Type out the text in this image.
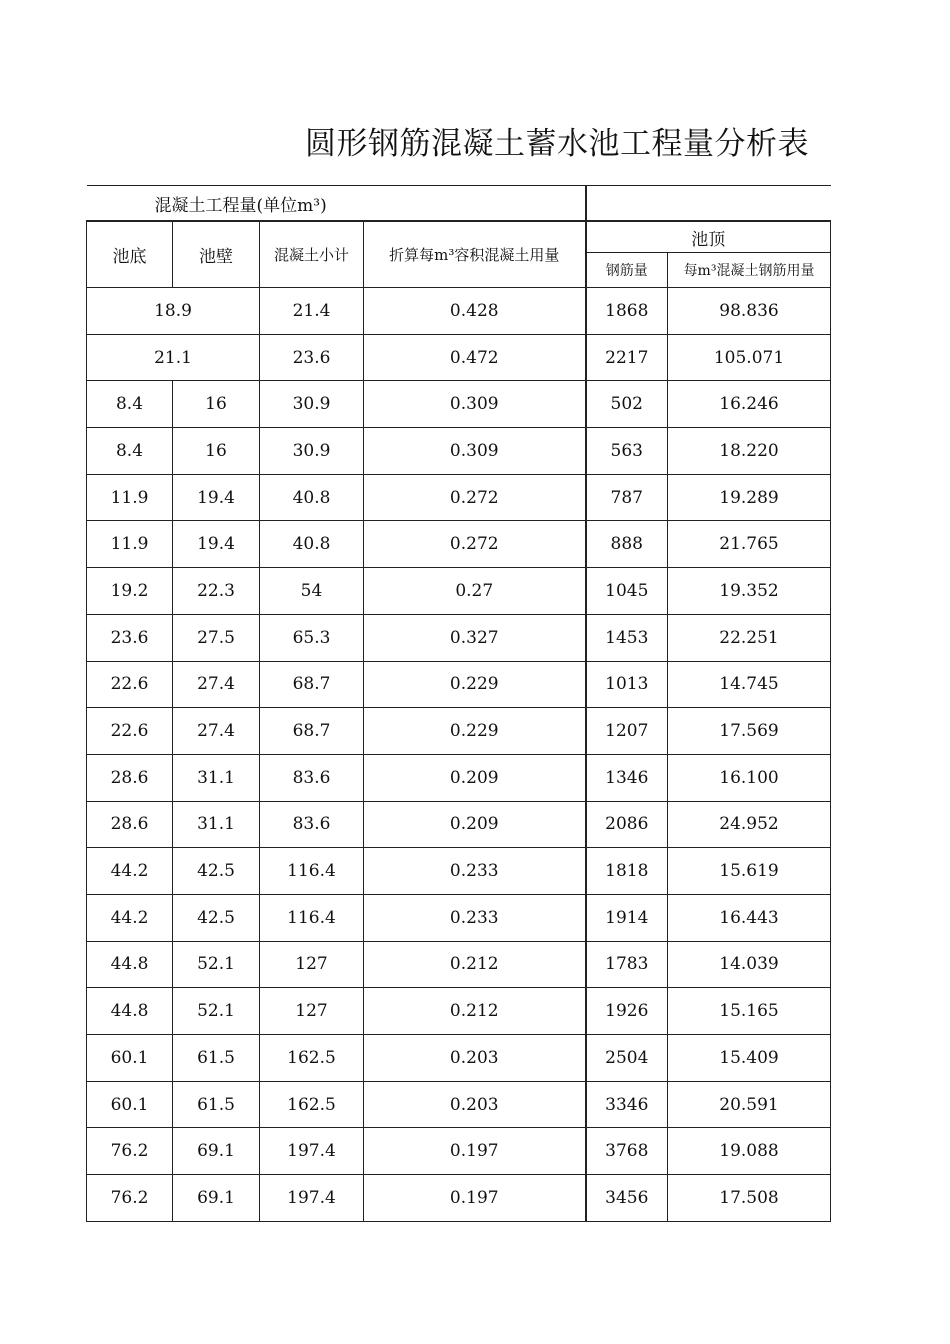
圆形钢筋混凝土蓄水池工程量分析表
混凝土工程量(单位m³)					
池底	池壁	混凝土小计	折算每m³容积混凝土用量	池顶	
				钢筋量	每m³混凝土钢筋用量
18.9		21.4	0.428	1868	98.836
21.1		23.6	0.472	2217	105.071
8.4	16	30.9	0.309	502	16.246
8.4	16	30.9	0.309	563	18.220
11.9	19.4	40.8	0.272	787	19.289
11.9	19.4	40.8	0.272	888	21.765
19.2	22.3	54	0.27	1045	19.352
23.6	27.5	65.3	0.327	1453	22.251
22.6	27.4	68.7	0.229	1013	14.745
22.6	27.4	68.7	0.229	1207	17.569
28.6	31.1	83.6	0.209	1346	16.100
28.6	31.1	83.6	0.209	2086	24.952
44.2	42.5	116.4	0.233	1818	15.619
44.2	42.5	116.4	0.233	1914	16.443
44.8	52.1	127	0.212	1783	14.039
44.8	52.1	127	0.212	1926	15.165
60.1	61.5	162.5	0.203	2504	15.409
60.1	61.5	162.5	0.203	3346	20.591
76.2	69.1	197.4	0.197	3768	19.088
76.2	69.1	197.4	0.197	3456	17.508
